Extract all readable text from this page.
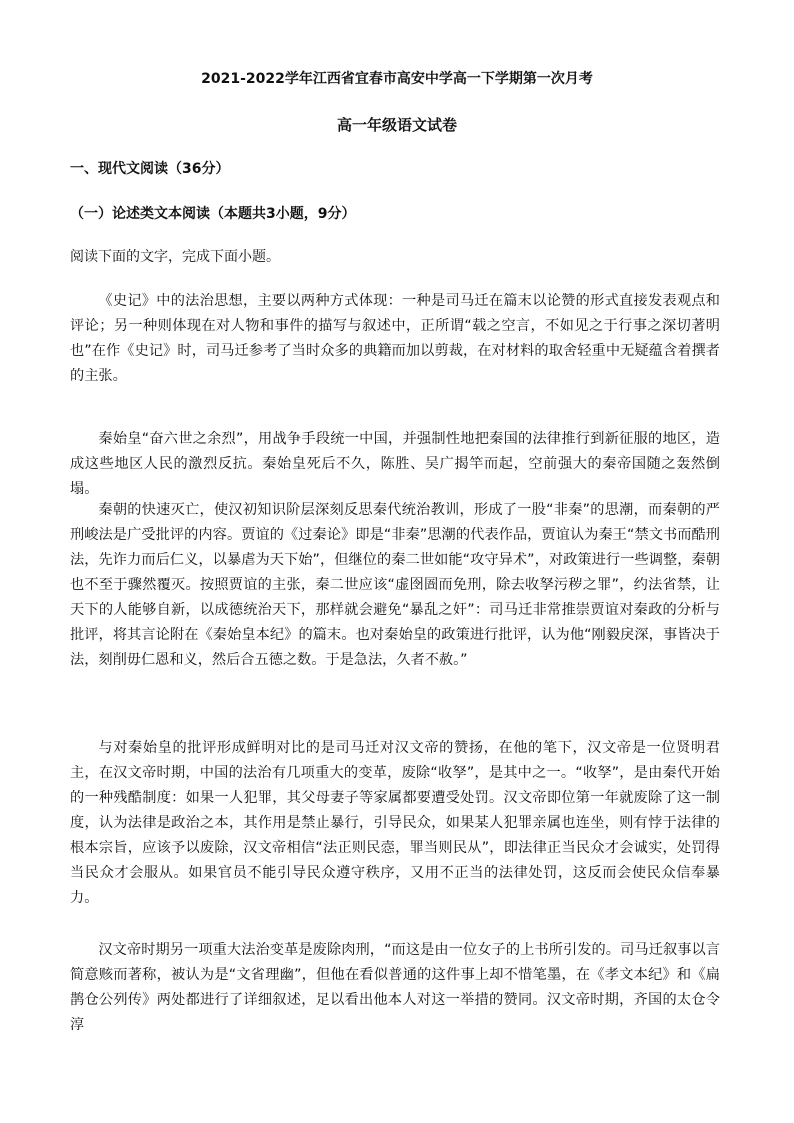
2021-2022学年江西省宜春市高安中学高一下学期第一次月考
高一年级语文试卷
一、现代文阅读（36分）
（一）论述类文本阅读（本题共3小题，9分）
阅读下面的文字，完成下面小题。
《史记》中的法治思想，主要以两种方式体现：一种是司马迁在篇末以论赞的形式直接发表观点和评论；另一种则体现在对人物和事件的描写与叙述中，正所谓“载之空言，不如见之于行事之深切著明也”在作《史记》时，司马迁参考了当时众多的典籍而加以剪裁，在对材料的取舍轻重中无疑蕴含着撰者的主张。
秦始皇“奋六世之余烈”，用战争手段统一中国，并强制性地把秦国的法律推行到新征服的地区，造成这些地区人民的激烈反抗。秦始皇死后不久，陈胜、吴广揭竿而起，空前强大的秦帝国随之轰然倒塌。
秦朝的快速灭亡，使汉初知识阶层深刻反思秦代统治教训，形成了一股“非秦”的思潮，而秦朝的严刑峻法是广受批评的内容。贾谊的《过秦论》即是“非秦”思潮的代表作品，贾谊认为秦王“禁文书而酷刑法，先诈力而后仁义，以暴虐为天下始”，但继位的秦二世如能“攻守异术”，对政策进行一些调整，秦朝也不至于骤然覆灭。按照贾谊的主张，秦二世应该“虚囹圄而免刑，除去收孥污秽之罪”，约法省禁，让天下的人能够自新，以成德统治天下，那样就会避免“暴乱之奸”：司马迁非常推崇贾谊对秦政的分析与批评，将其言论附在《秦始皇本纪》的篇末。也对秦始皇的政策进行批评，认为他“刚毅戾深，事皆决于法，刻削毋仁恩和义，然后合五德之数。于是急法，久者不赦。”
与对秦始皇的批评形成鲜明对比的是司马迁对汉文帝的赞扬，在他的笔下，汉文帝是一位贤明君主，在汉文帝时期，中国的法治有几项重大的变革，废除“收孥”，是其中之一。“收孥”，是由秦代开始的一种残酷制度：如果一人犯罪，其父母妻子等家属都要遭受处罚。汉文帝即位第一年就废除了这一制度，认为法律是政治之本，其作用是禁止暴行，引导民众，如果某人犯罪亲属也连坐，则有悖于法律的根本宗旨，应该予以废除，汉文帝相信“法正则民悫，罪当则民从”，即法律正当民众才会诚实，处罚得当民众才会服从。如果官员不能引导民众遵守秩序，又用不正当的法律处罚，这反而会使民众信奉暴力。
汉文帝时期另一项重大法治变革是废除肉刑，“而这是由一位女子的上书所引发的。司马迁叙事以言简意赅而著称，被认为是“文省理幽”，但他在看似普通的这件事上却不惜笔墨，在《孝文本纪》和《扁鹊仓公列传》两处都进行了详细叙述，足以看出他本人对这一举措的赞同。汉文帝时期，齐国的太仓令淳
